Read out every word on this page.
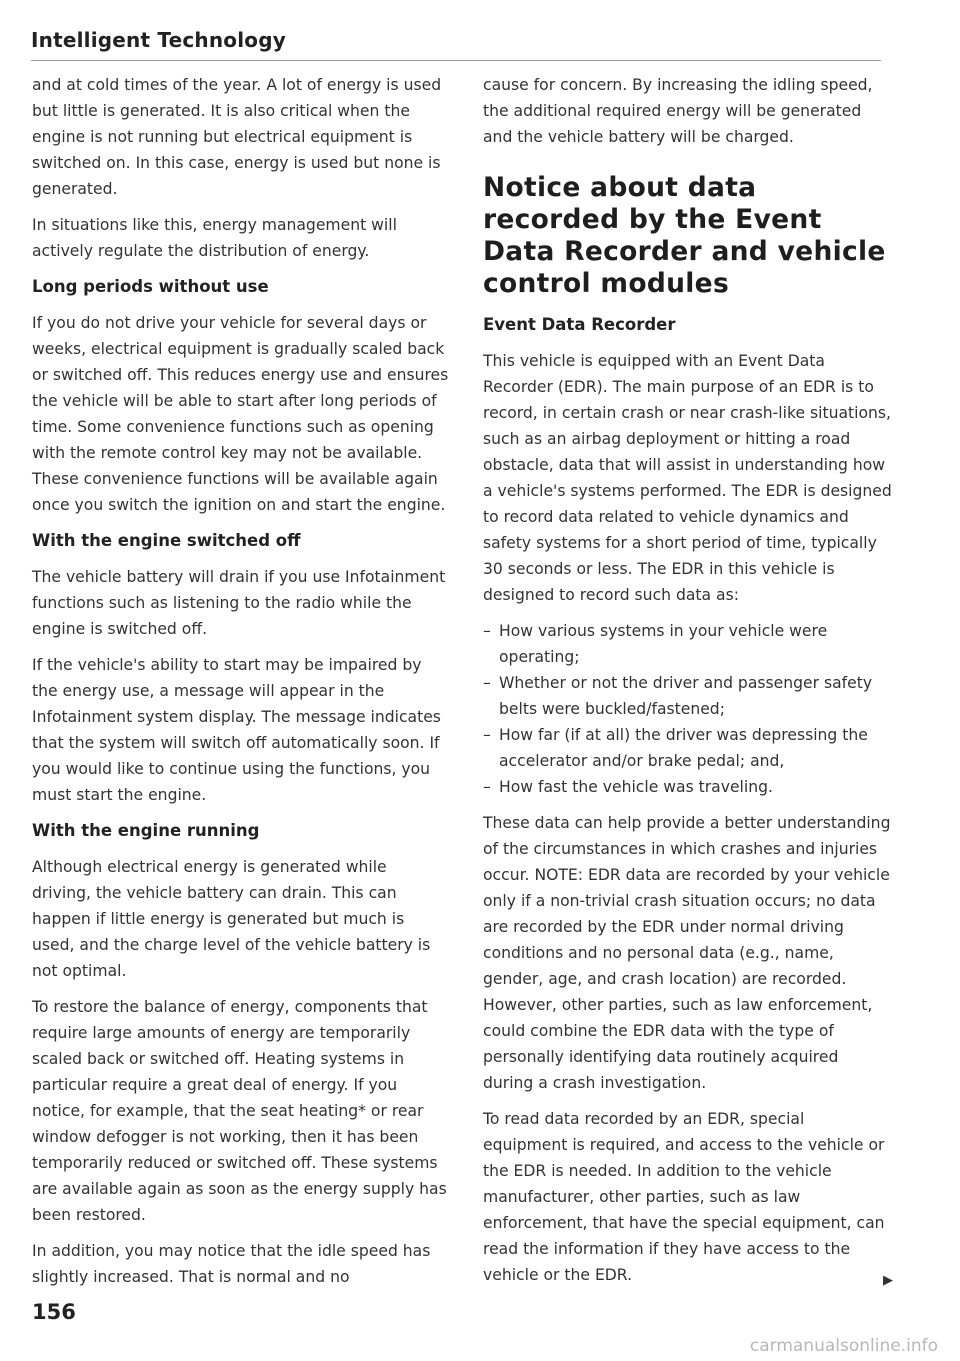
Intelligent Technology

and at cold times of the year. A lot of energy is used but little is generated. It is also critical when the engine is not running but electrical equipment is switched on. In this case, energy is used but none is generated.

In situations like this, energy management will actively regulate the distribution of energy.

Long periods without use

If you do not drive your vehicle for several days or weeks, electrical equipment is gradually scaled back or switched off. This reduces energy use and ensures the vehicle will be able to start after long periods of time. Some convenience functions such as opening with the remote control key may not be available. These convenience functions will be available again once you switch the ignition on and start the engine.

With the engine switched off

The vehicle battery will drain if you use Infotainment functions such as listening to the radio while the engine is switched off.

If the vehicle's ability to start may be impaired by the energy use, a message will appear in the Infotainment system display. The message indicates that the system will switch off automatically soon. If you would like to continue using the functions, you must start the engine.

With the engine running

Although electrical energy is generated while driving, the vehicle battery can drain. This can happen if little energy is generated but much is used, and the charge level of the vehicle battery is not optimal.

To restore the balance of energy, components that require large amounts of energy are temporarily scaled back or switched off. Heating systems in particular require a great deal of energy. If you notice, for example, that the seat heating* or rear window defogger is not working, then it has been temporarily reduced or switched off. These systems are available again as soon as the energy supply has been restored.

In addition, you may notice that the idle speed has slightly increased. That is normal and no

cause for concern. By increasing the idling speed, the additional required energy will be generated and the vehicle battery will be charged.

Notice about data recorded by the Event Data Recorder and vehicle control modules
Event Data Recorder

This vehicle is equipped with an Event Data Recorder (EDR). The main purpose of an EDR is to record, in certain crash or near crash-like situations, such as an airbag deployment or hitting a road obstacle, data that will assist in understanding how a vehicle's systems performed. The EDR is designed to record data related to vehicle dynamics and safety systems for a short period of time, typically 30 seconds or less. The EDR in this vehicle is designed to record such data as:

– How various systems in your vehicle were operating;
– Whether or not the driver and passenger safety belts were buckled/fastened;
– How far (if at all) the driver was depressing the accelerator and/or brake pedal; and,
– How fast the vehicle was traveling.

These data can help provide a better understanding of the circumstances in which crashes and injuries occur. NOTE: EDR data are recorded by your vehicle only if a non-trivial crash situation occurs; no data are recorded by the EDR under normal driving conditions and no personal data (e.g., name, gender, age, and crash location) are recorded. However, other parties, such as law enforcement, could combine the EDR data with the type of personally identifying data routinely acquired during a crash investigation.

To read data recorded by an EDR, special equipment is required, and access to the vehicle or the EDR is needed. In addition to the vehicle manufacturer, other parties, such as law enforcement, that have the special equipment, can read the information if they have access to the vehicle or the EDR.	▶

156
carmanualsonline.info
